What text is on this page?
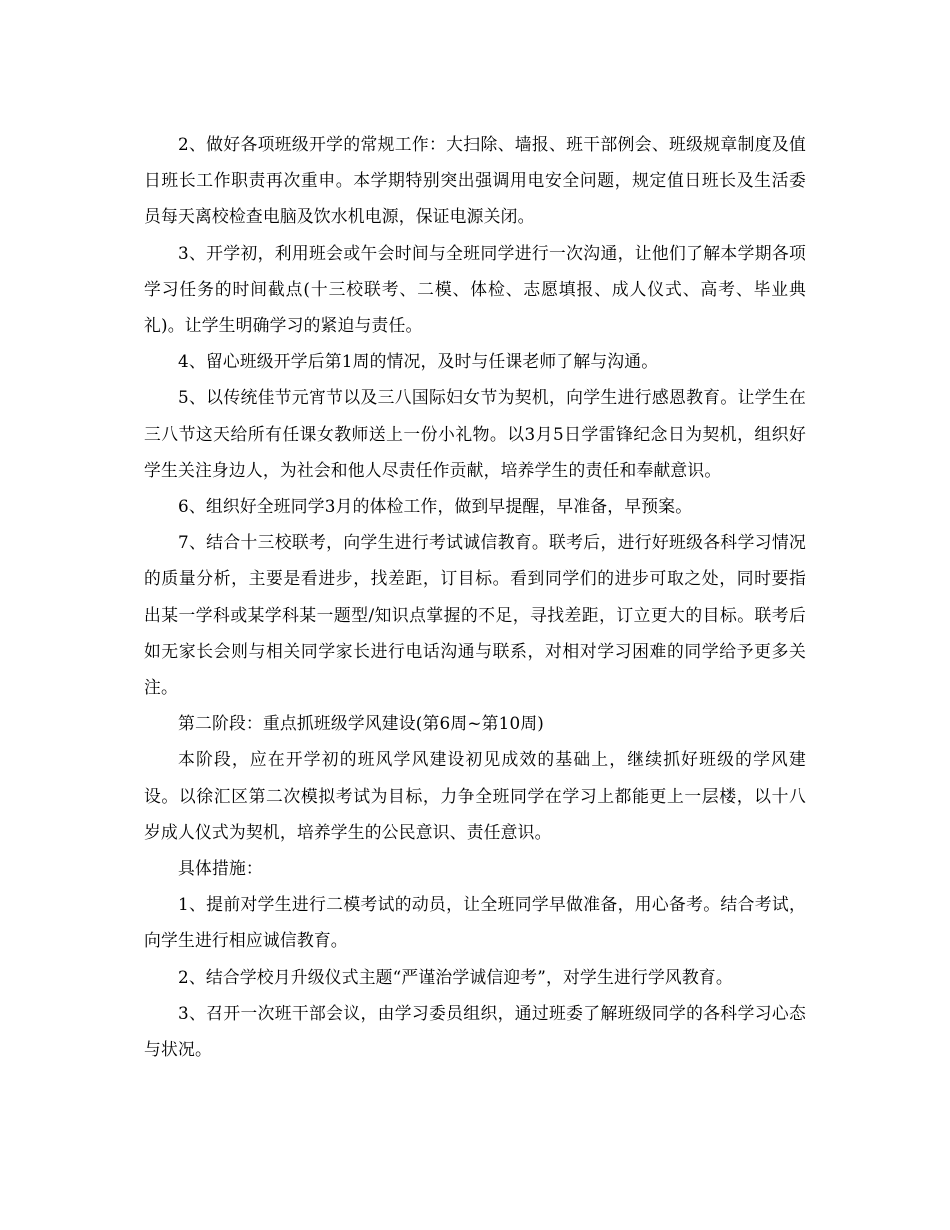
2、做好各项班级开学的常规工作：大扫除、墙报、班干部例会、班级规章制度及值日班长工作职责再次重申。本学期特别突出强调用电安全问题，规定值日班长及生活委员每天离校检查电脑及饮水机电源，保证电源关闭。

3、开学初，利用班会或午会时间与全班同学进行一次沟通，让他们了解本学期各项学习任务的时间截点(十三校联考、二模、体检、志愿填报、成人仪式、高考、毕业典礼)。让学生明确学习的紧迫与责任。

4、留心班级开学后第1周的情况，及时与任课老师了解与沟通。

5、以传统佳节元宵节以及三八国际妇女节为契机，向学生进行感恩教育。让学生在三八节这天给所有任课女教师送上一份小礼物。以3月5日学雷锋纪念日为契机，组织好学生关注身边人，为社会和他人尽责任作贡献，培养学生的责任和奉献意识。

6、组织好全班同学3月的体检工作，做到早提醒，早准备，早预案。

7、结合十三校联考，向学生进行考试诚信教育。联考后，进行好班级各科学习情况的质量分析，主要是看进步，找差距，订目标。看到同学们的进步可取之处，同时要指出某一学科或某学科某一题型/知识点掌握的不足，寻找差距，订立更大的目标。联考后如无家长会则与相关同学家长进行电话沟通与联系，对相对学习困难的同学给予更多关注。

第二阶段：重点抓班级学风建设(第6周~第10周)

本阶段，应在开学初的班风学风建设初见成效的基础上，继续抓好班级的学风建设。以徐汇区第二次模拟考试为目标，力争全班同学在学习上都能更上一层楼，以十八岁成人仪式为契机，培养学生的公民意识、责任意识。

具体措施：

1、提前对学生进行二模考试的动员，让全班同学早做准备，用心备考。结合考试，向学生进行相应诚信教育。

2、结合学校月升级仪式主题“严谨治学诚信迎考”，对学生进行学风教育。

3、召开一次班干部会议，由学习委员组织，通过班委了解班级同学的各科学习心态与状况。
